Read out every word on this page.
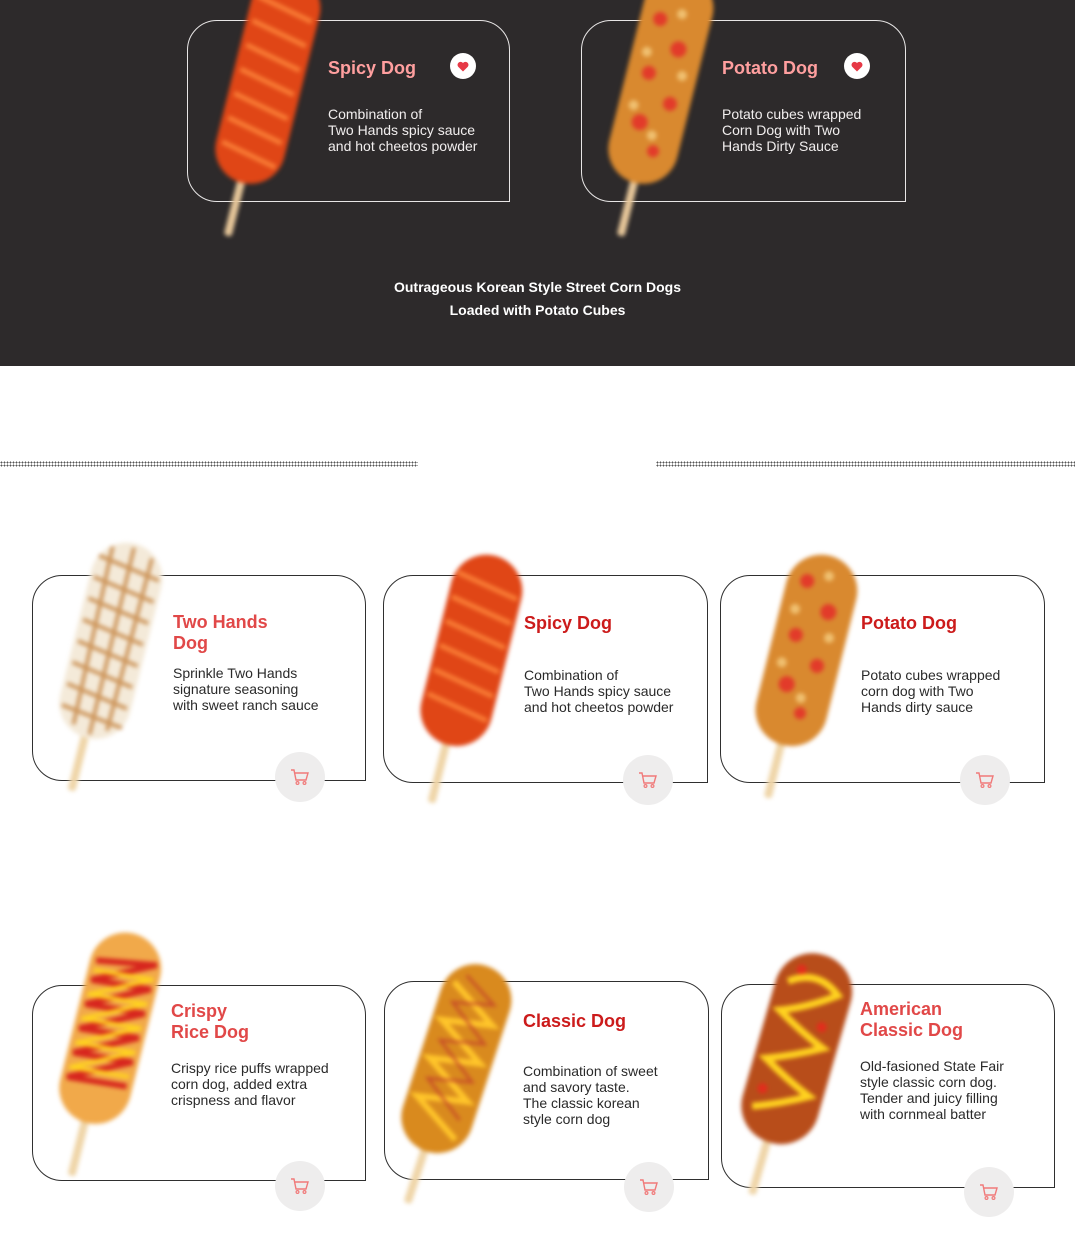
Spicy Dog
Combination of
Two Hands spicy sauce
and hot cheetos powder
Potato Dog
Potato cubes wrapped
Corn Dog with Two
Hands Dirty Sauce
Outrageous Korean Style Street Corn Dogs
Loaded with Potato Cubes
Two Hands
Dog
Sprinkle Two Hands
signature seasoning
with sweet ranch sauce
Spicy Dog
Combination of
Two Hands spicy sauce
and hot cheetos powder
Potato Dog
Potato cubes wrapped
corn dog with Two
Hands dirty sauce
Crispy
Rice Dog
Crispy rice puffs wrapped
corn dog, added extra
crispness and flavor
Classic Dog
Combination of sweet
and savory taste.
The classic korean
style corn dog
American
Classic Dog
Old-fasioned State Fair
style classic corn dog.
Tender and juicy filling
with cornmeal batter
